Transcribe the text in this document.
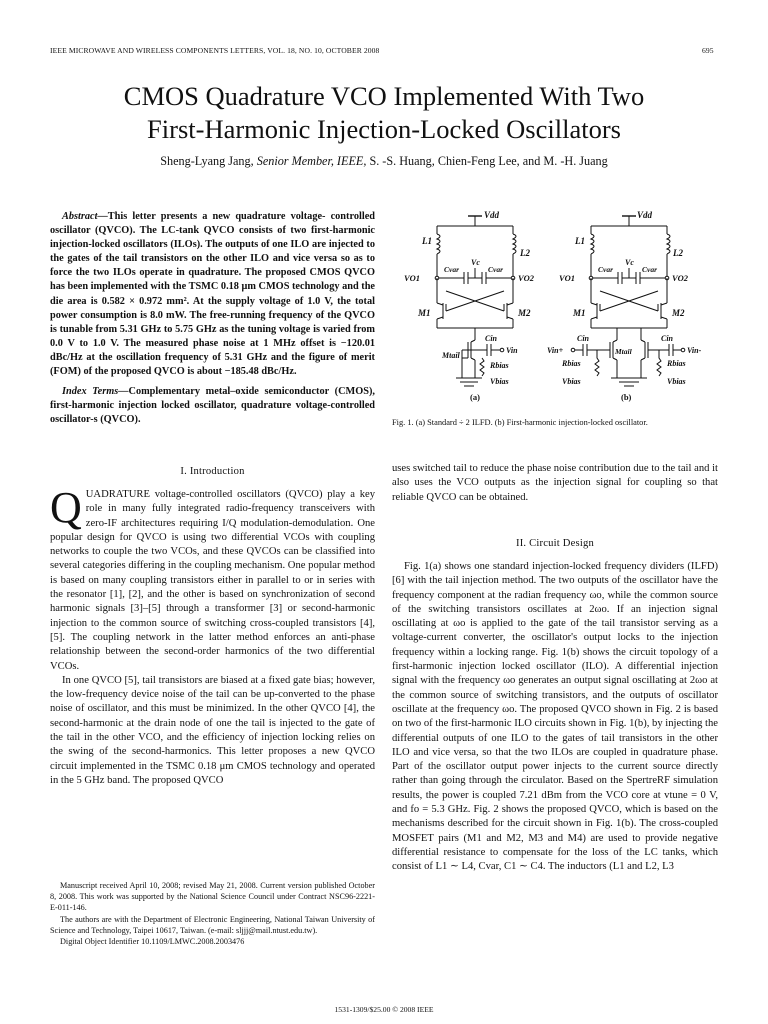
IEEE MICROWAVE AND WIRELESS COMPONENTS LETTERS, VOL. 18, NO. 10, OCTOBER 2008	695
CMOS Quadrature VCO Implemented With Two
First-Harmonic Injection-Locked Oscillators
Sheng-Lyang Jang, Senior Member, IEEE, S. -S. Huang, Chien-Feng Lee, and M. -H. Juang

Abstract—This letter presents a new quadrature voltage- controlled oscillator (QVCO). The LC-tank QVCO consists of two first-harmonic injection-locked oscillators (ILOs). The outputs of one ILO are injected to the gates of the tail transistors on the other ILO and vice versa so as to force the two ILOs operate in quadrature. The proposed CMOS QVCO has been implemented with the TSMC 0.18 μm CMOS technology and the die area is 0.582 × 0.972 mm². At the supply voltage of 1.0 V, the total power consumption is 8.0 mW. The free-running frequency of the QVCO is tunable from 5.31 GHz to 5.75 GHz as the tuning voltage is varied from 0.0 V to 1.0 V. The measured phase noise at 1 MHz offset is −120.01 dBc/Hz at the oscillation frequency of 5.31 GHz and the figure of merit (FOM) of the proposed QVCO is about −185.48 dBc/Hz.

Index Terms—Complementary metal–oxide semiconductor (CMOS), first-harmonic injection locked oscillator, quadrature voltage-controlled oscillator-s (QVCO).

I. Introduction

QUADRATURE voltage-controlled oscillators (QVCO) play a key role in many fully integrated radio-frequency transceivers with zero-IF architectures requiring I/Q modulation-demodulation. One popular design for QVCO is using two differential VCOs with coupling networks to couple the two VCOs, and these QVCOs can be classified into several categories differing in the coupling mechanism. One popular method is based on many coupling transistors either in parallel to or in series with the resonator [1], [2], and the other is based on synchronization of second harmonic signals [3]–[5] through a transformer [3] or second-harmonic injection to the common source of switching cross-coupled transistors [4], [5]. The coupling network in the latter method enforces an anti-phase relationship between the second-order harmonics of the two differential VCOs.

In one QVCO [5], tail transistors are biased at a fixed gate bias; however, the low-frequency device noise of the tail can be up-converted to the phase noise of oscillator, and this must be minimized. In the other QVCO [4], the second-harmonic at the drain node of one the tail is injected to the gate of the tail in the other VCO, and the efficiency of injection locking relies on the swing of the second-harmonics. This letter proposes a new QVCO circuit implemented in the TSMC 0.18 μm CMOS technology and operated in the 5 GHz band. The proposed QVCO

Manuscript received April 10, 2008; revised May 21, 2008. Current version published October 8, 2008. This work was supported by the National Science Council under Contract NSC96-2221-E-011-146.

The authors are with the Department of Electronic Engineering, National Taiwan University of Science and Technology, Taipei 10617, Taiwan. (e-mail: sljjj@mail.ntust.edu.tw).

Digital Object Identifier 10.1109/LMWC.2008.2003476

Vdd
L1
L2
Vc
Cvar	Cvar
VO1	VO2
M1	M2
Mtail
Cin
Vin
Rbias
Vbias
(a)
Vdd
L1
L2
Vc
Cvar	Cvar
VO1	VO2
M1	M2
Mtail
Cin
Vin+
Rbias
Vbias
Cin
Vin-
Rbias
Vbias
(b)
Fig. 1. (a) Standard ÷ 2 ILFD. (b) First-harmonic injection-locked oscillator.

uses switched tail to reduce the phase noise contribution due to the tail and it also uses the VCO outputs as the injection signal for coupling so that reliable QVCO can be obtained.

II. Circuit Design

Fig. 1(a) shows one standard injection-locked frequency dividers (ILFD) [6] with the tail injection method. The two outputs of the oscillator have the frequency component at the radian frequency ωo, while the common source of the switching transistors oscillates at 2ωo. If an injection signal oscillating at ωo is applied to the gate of the tail transistor serving as a voltage-current converter, the oscillator's output locks to the injection frequency within a locking range. Fig. 1(b) shows the circuit topology of a first-harmonic injection locked oscillator (ILO). A differential injection signal with the frequency ωo generates an output signal oscillating at 2ωo at the common source of switching transistors, and the outputs of oscillator oscillate at the frequency ωo. The proposed QVCO shown in Fig. 2 is based on two of the first-harmonic ILO circuits shown in Fig. 1(b), by injecting the differential outputs of one ILO to the gates of tail transistors in the other ILO and vice versa, so that the two ILOs are coupled in quadrature phase. Part of the oscillator output power injects to the current source directly rather than going through the circulator. Based on the SpertreRF simulation results, the power is coupled 7.21 dBm from the VCO core at vtune = 0 V, and fo = 5.3 GHz. Fig. 2 shows the proposed QVCO, which is based on the mechanisms described for the circuit shown in Fig. 1(b). The cross-coupled MOSFET pairs (M1 and M2, M3 and M4) are used to provide negative differential resistance to compensate for the loss of the LC tanks, which consist of L1 ∼ L4, Cvar, C1 ∼ C4. The inductors (L1 and L2, L3

1531-1309/$25.00 © 2008 IEEE
